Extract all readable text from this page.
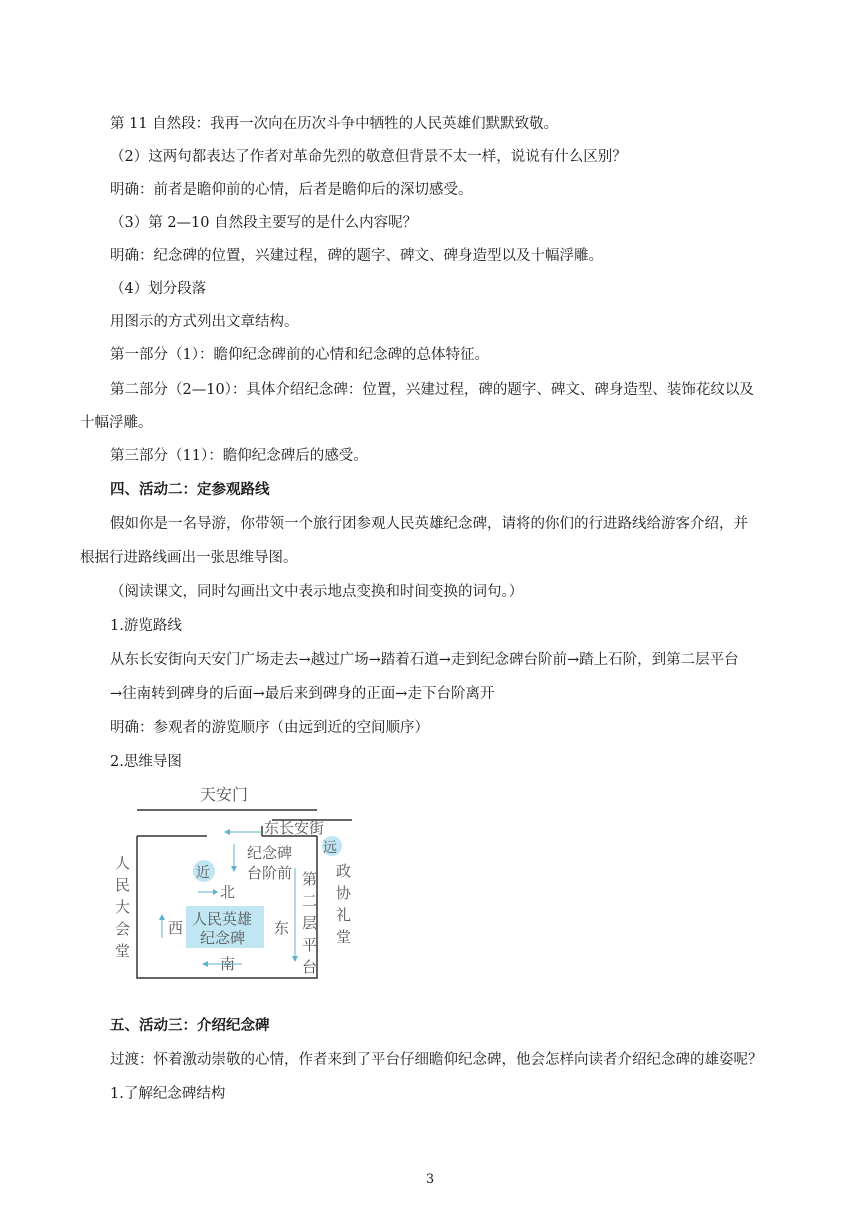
第 11 自然段：我再一次向在历次斗争中牺牲的人民英雄们默默致敬。
（2）这两句都表达了作者对革命先烈的敬意但背景不太一样，说说有什么区别？
明确：前者是瞻仰前的心情，后者是瞻仰后的深切感受。
（3）第 2—10 自然段主要写的是什么内容呢？
明确：纪念碑的位置，兴建过程，碑的题字、碑文、碑身造型以及十幅浮雕。
（4）划分段落
用图示的方式列出文章结构。
第一部分（1）：瞻仰纪念碑前的心情和纪念碑的总体特征。
第二部分（2—10）：具体介绍纪念碑：位置，兴建过程，碑的题字、碑文、碑身造型、装饰花纹以及
十幅浮雕。
第三部分（11）：瞻仰纪念碑后的感受。
四、活动二：定参观路线
假如你是一名导游，你带领一个旅行团参观人民英雄纪念碑，请将的你们的行进路线给游客介绍，并
根据行进路线画出一张思维导图。
（阅读课文，同时勾画出文中表示地点变换和时间变换的词句。）
1.游览路线
从东长安街向天安门广场走去→越过广场→踏着石道→走到纪念碑台阶前→踏上石阶，到第二层平台
→往南转到碑身的后面→最后来到碑身的正面→走下台阶离开
明确：参观者的游览顺序（由远到近的空间顺序）
2.思维导图
天安门
东长安街
远
政协礼堂
人民大会堂
纪念碑 台阶前 第二层平台
近
北
人民英雄
纪念碑
西	东
南
五、活动三：介绍纪念碑
过渡：怀着激动崇敬的心情，作者来到了平台仔细瞻仰纪念碑，他会怎样向读者介绍纪念碑的雄姿呢？
1.了解纪念碑结构
3
